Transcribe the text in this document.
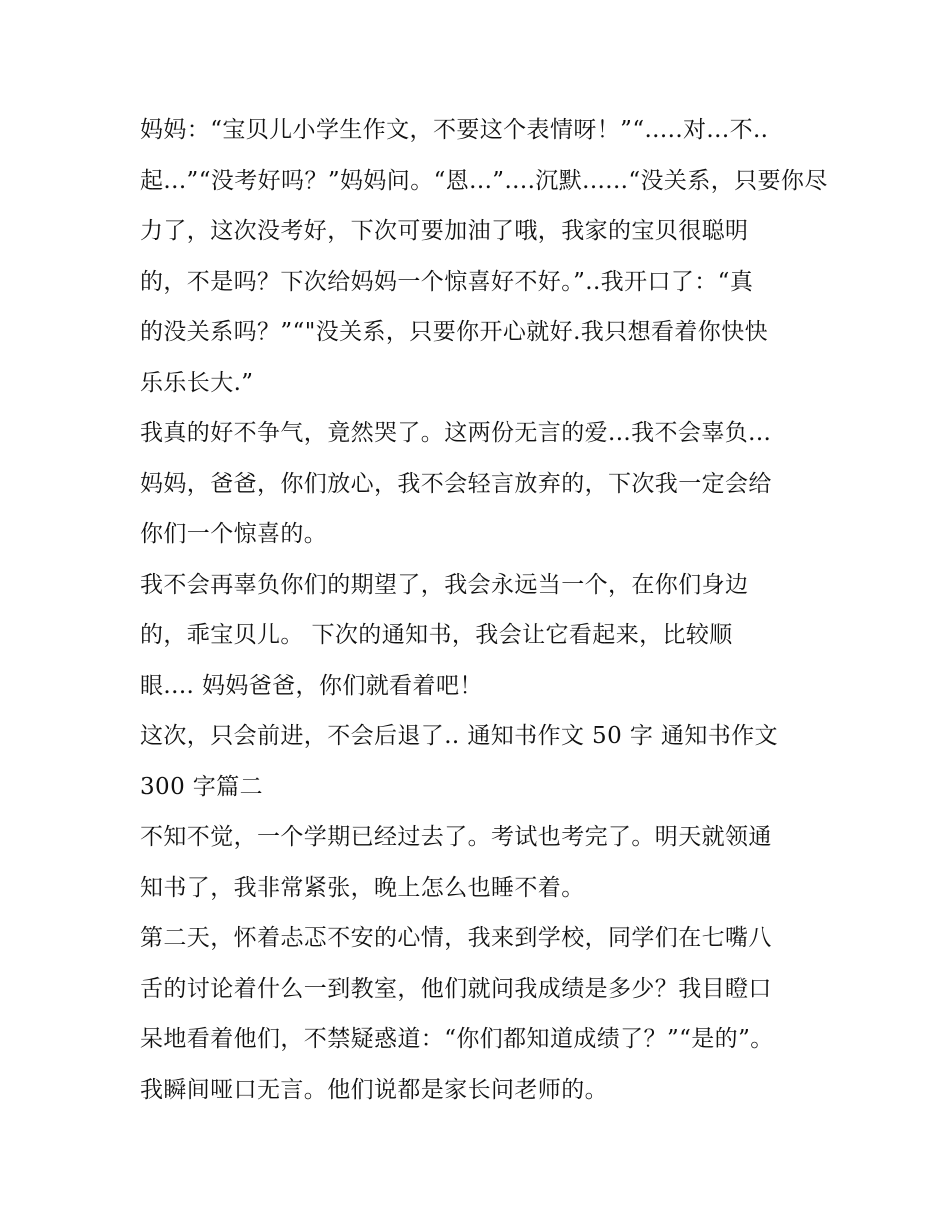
妈妈：“宝贝儿小学生作文，不要这个表情呀！”“.....对...不..
起...”“没考好吗？”妈妈问。“恩...”....沉默......“没关系，只要你尽
力了，这次没考好，下次可要加油了哦，我家的宝贝很聪明
的，不是吗？下次给妈妈一个惊喜好不好。”..我开口了：“真
的没关系吗？”“"没关系，只要你开心就好.我只想看着你快快
乐乐长大.”
我真的好不争气，竟然哭了。这两份无言的爱...我不会辜负...
妈妈，爸爸，你们放心，我不会轻言放弃的，下次我一定会给
你们一个惊喜的。
我不会再辜负你们的期望了，我会永远当一个，在你们身边
的，乖宝贝儿。 下次的通知书，我会让它看起来，比较顺
眼.... 妈妈爸爸，你们就看着吧！
这次，只会前进，不会后退了.. 通知书作文 50 字 通知书作文
300 字篇二
不知不觉，一个学期已经过去了。考试也考完了。明天就领通
知书了，我非常紧张，晚上怎么也睡不着。
第二天，怀着忐忑不安的心情，我来到学校，同学们在七嘴八
舌的讨论着什么一到教室，他们就问我成绩是多少？我目瞪口
呆地看着他们，不禁疑惑道：“你们都知道成绩了？”“是的”。
我瞬间哑口无言。他们说都是家长问老师的。
